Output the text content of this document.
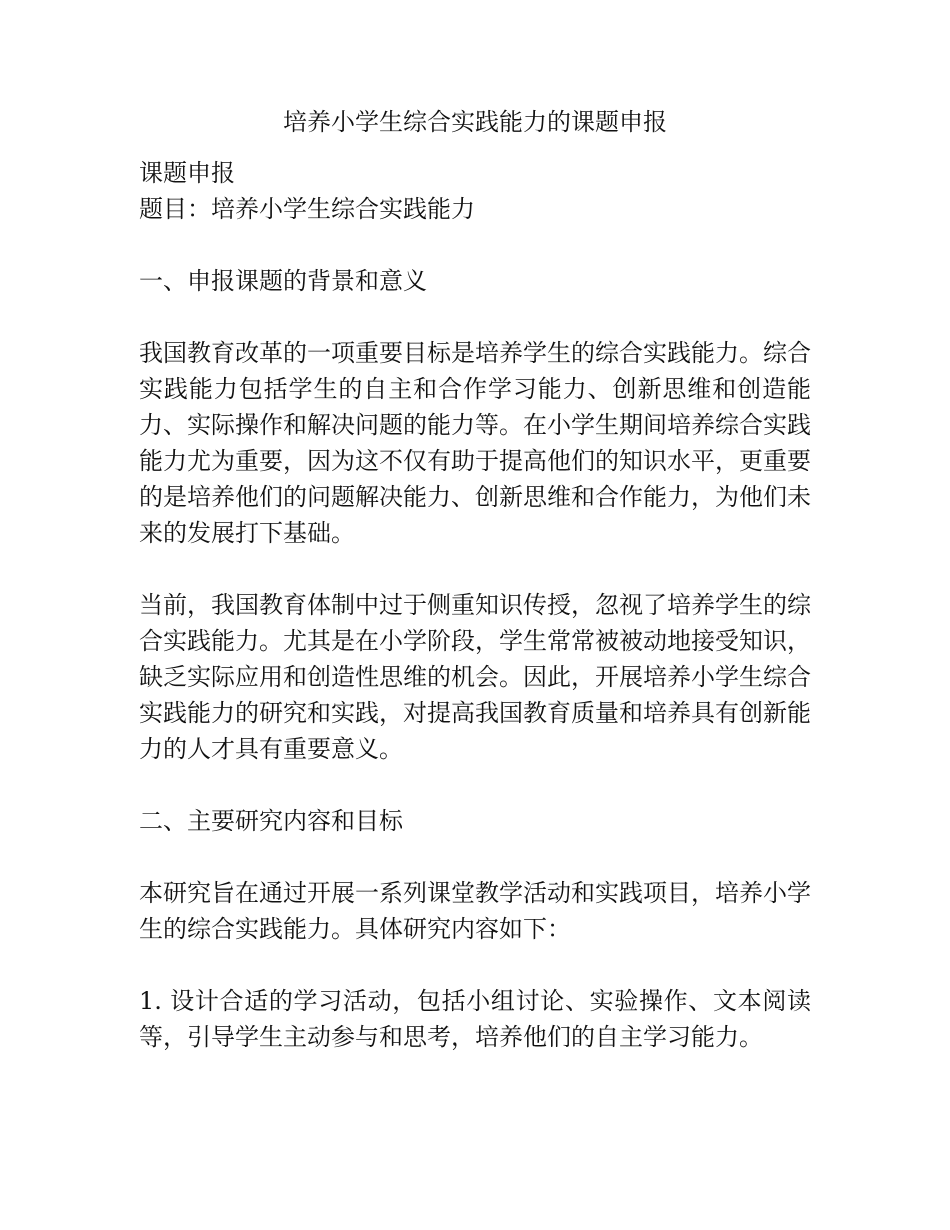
培养小学生综合实践能力的课题申报
课题申报
题目：培养小学生综合实践能力
一、申报课题的背景和意义
我国教育改革的一项重要目标是培养学生的综合实践能力。综合实践能力包括学生的自主和合作学习能力、创新思维和创造能力、实际操作和解决问题的能力等。在小学生期间培养综合实践能力尤为重要，因为这不仅有助于提高他们的知识水平，更重要的是培养他们的问题解决能力、创新思维和合作能力，为他们未来的发展打下基础。
当前，我国教育体制中过于侧重知识传授，忽视了培养学生的综合实践能力。尤其是在小学阶段，学生常常被被动地接受知识，缺乏实际应用和创造性思维的机会。因此，开展培养小学生综合实践能力的研究和实践，对提高我国教育质量和培养具有创新能力的人才具有重要意义。
二、主要研究内容和目标
本研究旨在通过开展一系列课堂教学活动和实践项目，培养小学生的综合实践能力。具体研究内容如下：
1. 设计合适的学习活动，包括小组讨论、实验操作、文本阅读等，引导学生主动参与和思考，培养他们的自主学习能力。
